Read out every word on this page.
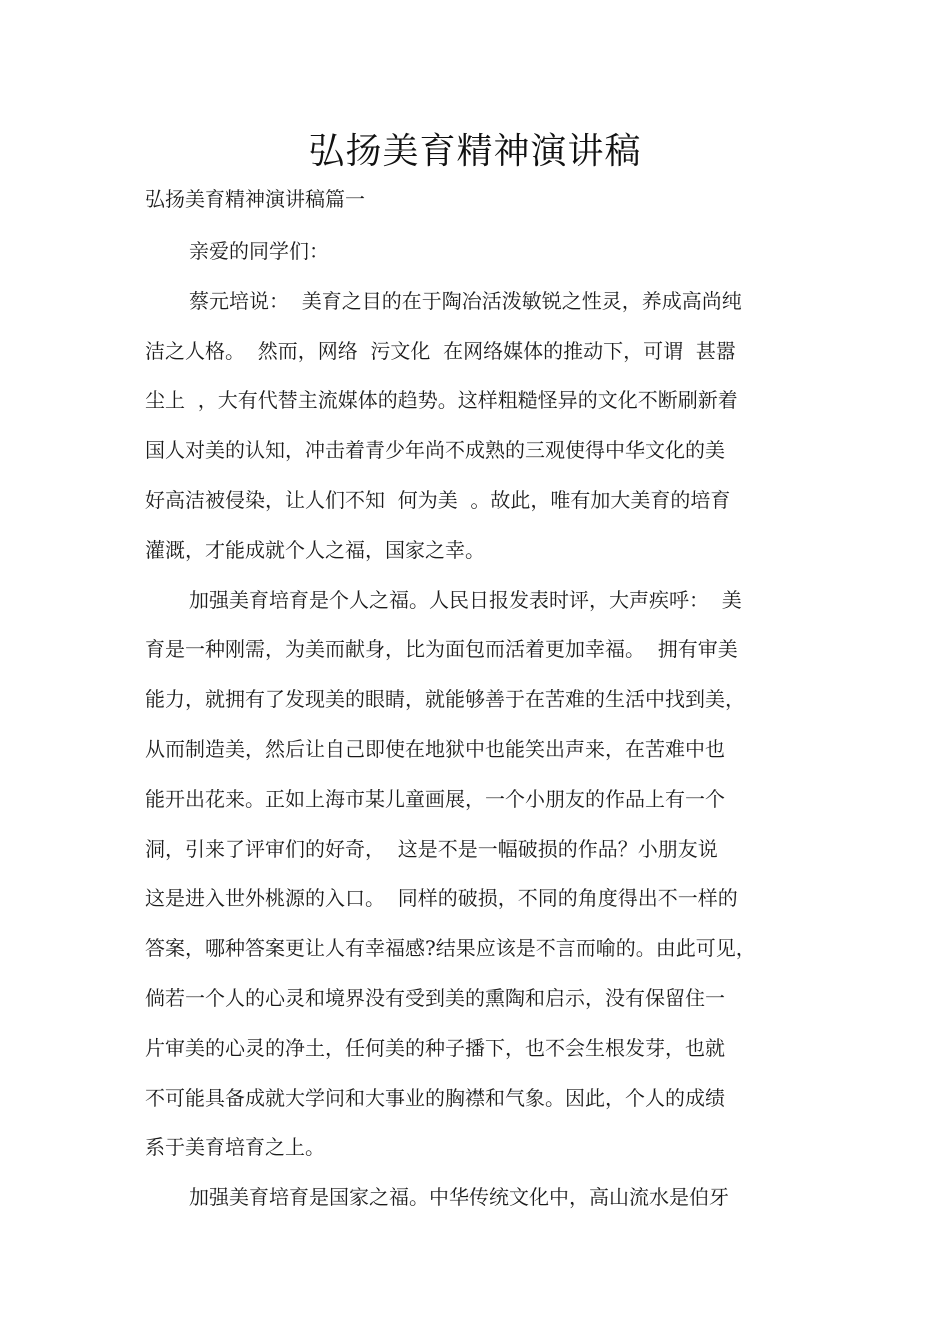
弘扬美育精神演讲稿

弘扬美育精神演讲稿篇一

亲爱的同学们：
蔡元培说：  美育之目的在于陶冶活泼敏锐之性灵，养成高尚纯
洁之人格。  然而，网络  污文化  在网络媒体的推动下，可谓  甚嚣
尘上  ，大有代替主流媒体的趋势。这样粗糙怪异的文化不断刷新着
国人对美的认知，冲击着青少年尚不成熟的三观使得中华文化的美
好高洁被侵染，让人们不知  何为美  。故此，唯有加大美育的培育
灌溉，才能成就个人之福，国家之幸。
加强美育培育是个人之福。人民日报发表时评，大声疾呼：  美
育是一种刚需，为美而献身，比为面包而活着更加幸福。  拥有审美
能力，就拥有了发现美的眼睛，就能够善于在苦难的生活中找到美，
从而制造美，然后让自己即使在地狱中也能笑出声来，在苦难中也
能开出花来。正如上海市某儿童画展，一个小朋友的作品上有一个
洞，引来了评审们的好奇，  这是不是一幅破损的作品？小朋友说
这是进入世外桃源的入口。  同样的破损，不同的角度得出不一样的
答案，哪种答案更让人有幸福感?结果应该是不言而喻的。由此可见，
倘若一个人的心灵和境界没有受到美的熏陶和启示，没有保留住一
片审美的心灵的净土，任何美的种子播下，也不会生根发芽，也就
不可能具备成就大学问和大事业的胸襟和气象。因此，个人的成绩
系于美育培育之上。
加强美育培育是国家之福。中华传统文化中，高山流水是伯牙
